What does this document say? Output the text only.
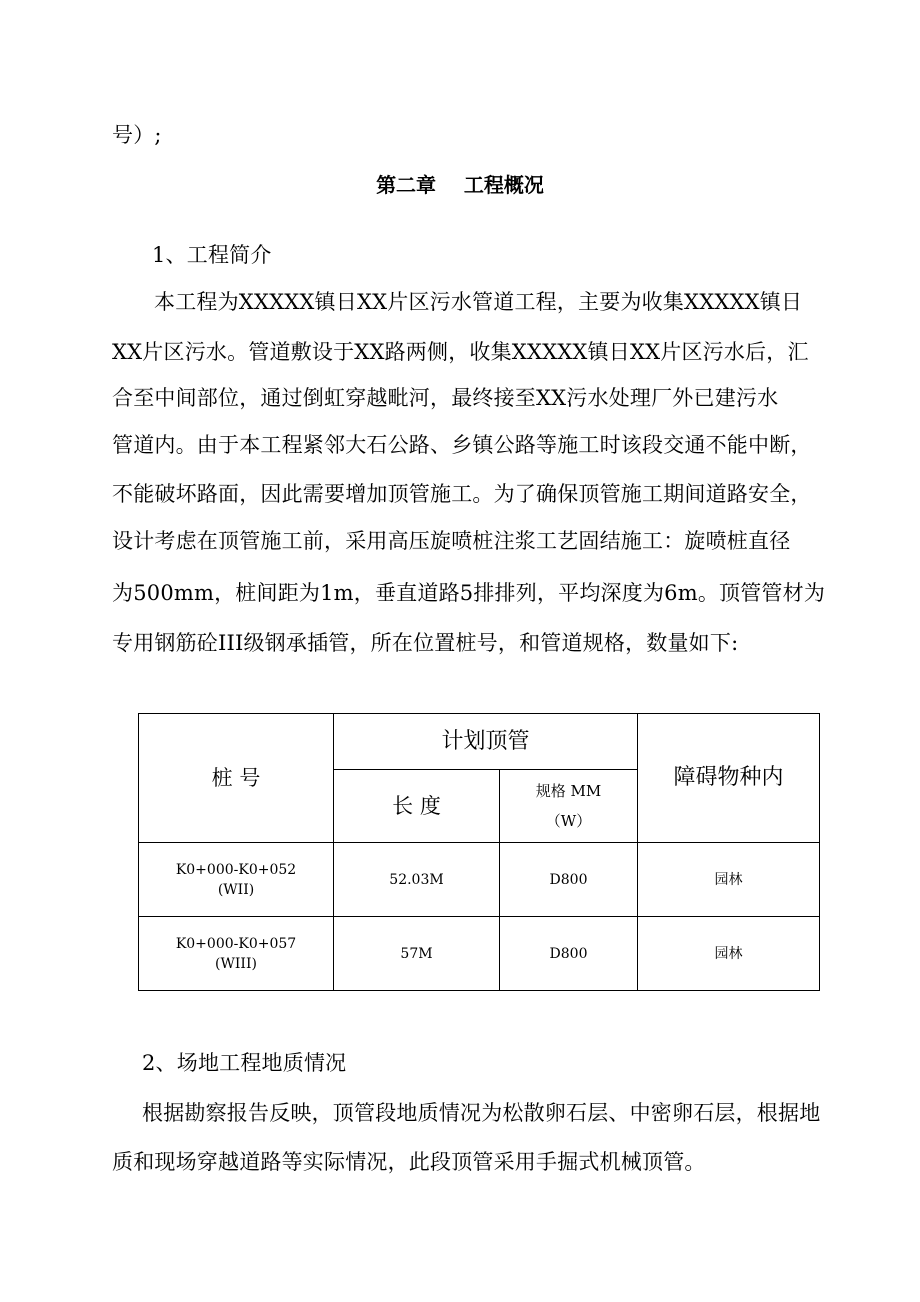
号）;
第二章    工程概况
1、工程简介
本工程为XXXXX镇日XX片区污水管道工程，主要为收集XXXXX镇日
XX片区污水。管道敷设于XX路两侧，收集XXXXX镇日XX片区污水后，汇
合至中间部位，通过倒虹穿越毗河，最终接至XX污水处理厂外已建污水
管道内。由于本工程紧邻大石公路、乡镇公路等施工时该段交通不能中断，
不能破坏路面，因此需要增加顶管施工。为了确保顶管施工期间道路安全，
设计考虑在顶管施工前，采用高压旋喷桩注浆工艺固结施工：旋喷桩直径
为500mm，桩间距为1m，垂直道路5排排列，平均深度为6m。顶管管材为
专用钢筋砼III级钢承插管，所在位置桩号，和管道规格，数量如下:
桩 号	计划顶管		障碍物种内
	长 度	规格 MM
（W）	

K0+000-K0+052
(WII)	52.03M	D800	园林

K0+000-K0+057
(WIII)	57M	D800	园林
2、场地工程地质情况
根据勘察报告反映，顶管段地质情况为松散卵石层、中密卵石层，根据地
质和现场穿越道路等实际情况，此段顶管采用手掘式机械顶管。
